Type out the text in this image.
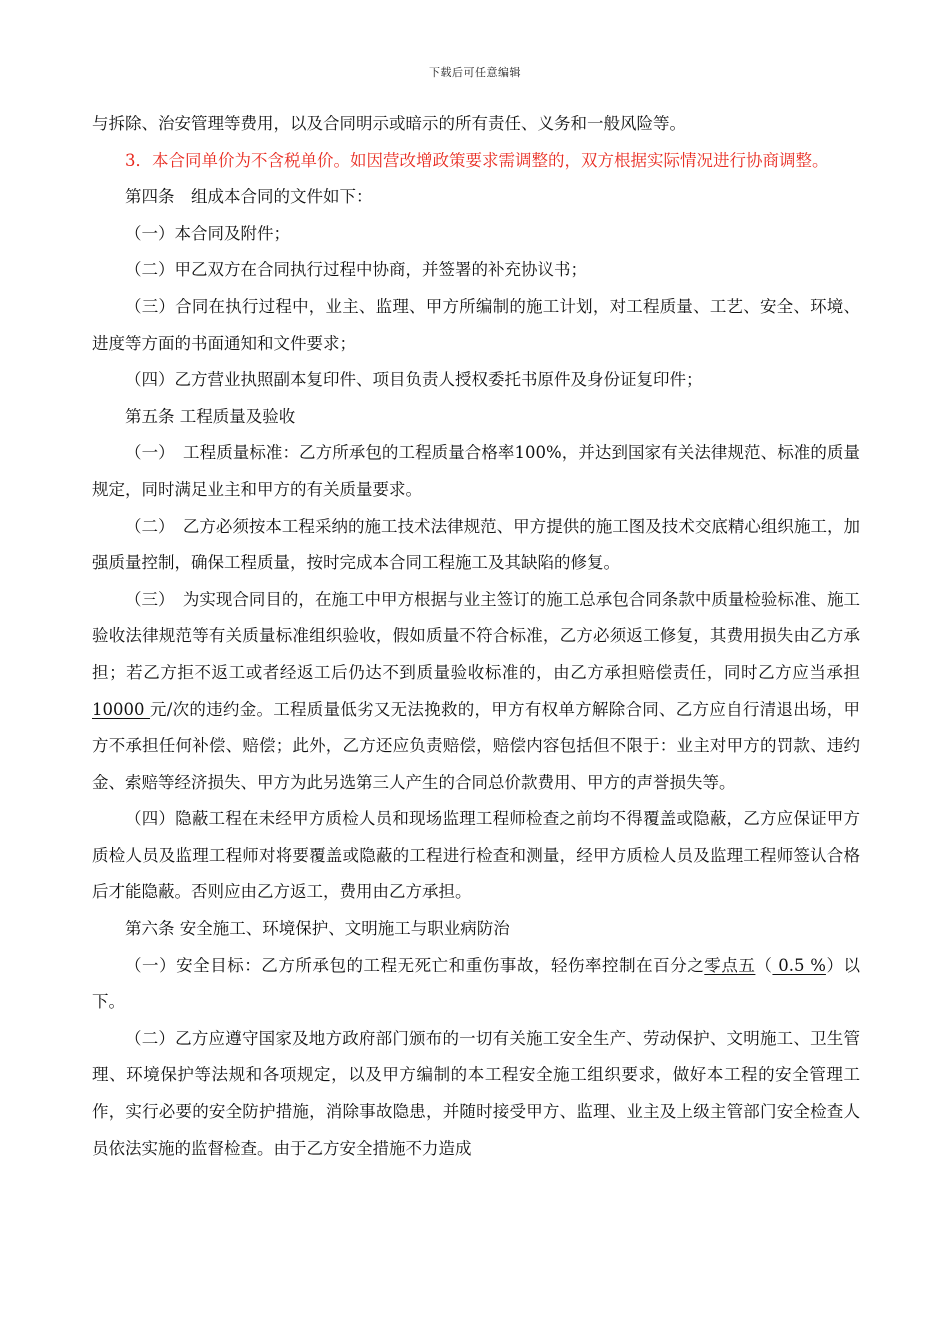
下载后可任意编辑

与拆除、治安管理等费用，以及合同明示或暗示的所有责任、义务和一般风险等。

3．本合同单价为不含税单价。如因营改增政策要求需调整的，双方根据实际情况进行协商调整。

第四条　组成本合同的文件如下：

（一）本合同及附件；

（二）甲乙双方在合同执行过程中协商，并签署的补充协议书；

（三）合同在执行过程中，业主、监理、甲方所编制的施工计划，对工程质量、工艺、安全、环境、进度等方面的书面通知和文件要求；

（四）乙方营业执照副本复印件、项目负责人授权委托书原件及身份证复印件；

第五条 工程质量及验收

（一）　工程质量标准：乙方所承包的工程质量合格率100%，并达到国家有关法律规范、标准的质量规定，同时满足业主和甲方的有关质量要求。

（二）　乙方必须按本工程采纳的施工技术法律规范、甲方提供的施工图及技术交底精心组织施工，加强质量控制，确保工程质量，按时完成本合同工程施工及其缺陷的修复。

（三）　为实现合同目的，在施工中甲方根据与业主签订的施工总承包合同条款中质量检验标准、施工验收法律规范等有关质量标准组织验收，假如质量不符合标准，乙方必须返工修复，其费用损失由乙方承担；若乙方拒不返工或者经返工后仍达不到质量验收标准的，由乙方承担赔偿责任，同时乙方应当承担 10000 元/次的违约金。工程质量低劣又无法挽救的，甲方有权单方解除合同、乙方应自行清退出场，甲方不承担任何补偿、赔偿；此外，乙方还应负责赔偿，赔偿内容包括但不限于：业主对甲方的罚款、违约金、索赔等经济损失、甲方为此另选第三人产生的合同总价款费用、甲方的声誉损失等。

（四）隐蔽工程在未经甲方质检人员和现场监理工程师检查之前均不得覆盖或隐蔽，乙方应保证甲方质检人员及监理工程师对将要覆盖或隐蔽的工程进行检查和测量，经甲方质检人员及监理工程师签认合格后才能隐蔽。否则应由乙方返工，费用由乙方承担。

第六条 安全施工、环境保护、文明施工与职业病防治

（一）安全目标：乙方所承包的工程无死亡和重伤事故，轻伤率控制在百分之零点五（ 0.5 %）以下。

（二）乙方应遵守国家及地方政府部门颁布的一切有关施工安全生产、劳动保护、文明施工、卫生管理、环境保护等法规和各项规定，以及甲方编制的本工程安全施工组织要求，做好本工程的安全管理工作，实行必要的安全防护措施，消除事故隐患，并随时接受甲方、监理、业主及上级主管部门安全检查人员依法实施的监督检查。由于乙方安全措施不力造成
